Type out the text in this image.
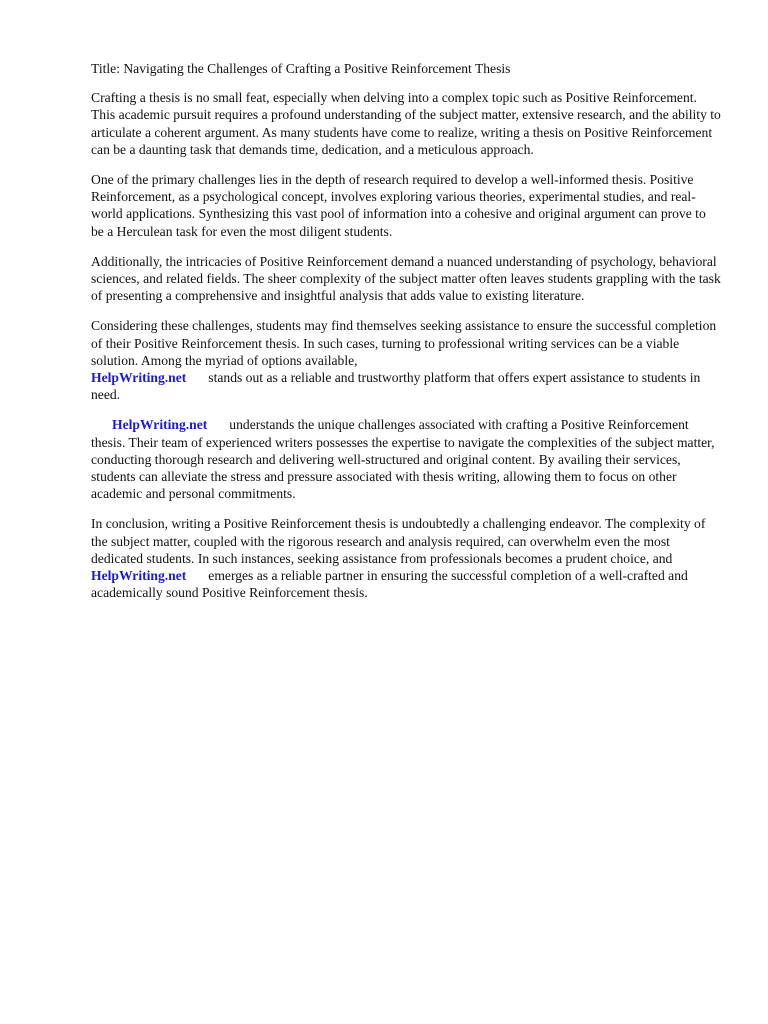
Title: Navigating the Challenges of Crafting a Positive Reinforcement Thesis

Crafting a thesis is no small feat, especially when delving into a complex topic such as Positive Reinforcement. This academic pursuit requires a profound understanding of the subject matter, extensive research, and the ability to articulate a coherent argument. As many students have come to realize, writing a thesis on Positive Reinforcement can be a daunting task that demands time, dedication, and a meticulous approach.

One of the primary challenges lies in the depth of research required to develop a well-informed thesis. Positive Reinforcement, as a psychological concept, involves exploring various theories, experimental studies, and real-world applications. Synthesizing this vast pool of information into a cohesive and original argument can prove to be a Herculean task for even the most diligent students.

Additionally, the intricacies of Positive Reinforcement demand a nuanced understanding of psychology, behavioral sciences, and related fields. The sheer complexity of the subject matter often leaves students grappling with the task of presenting a comprehensive and insightful analysis that adds value to existing literature.

Considering these challenges, students may find themselves seeking assistance to ensure the successful completion of their Positive Reinforcement thesis. In such cases, turning to professional writing services can be a viable solution. Among the myriad of options available,
HelpWriting.net stands out as a reliable and trustworthy platform that offers expert assistance to students in need.

HelpWriting.net understands the unique challenges associated with crafting a Positive Reinforcement thesis. Their team of experienced writers possesses the expertise to navigate the complexities of the subject matter, conducting thorough research and delivering well-structured and original content. By availing their services, students can alleviate the stress and pressure associated with thesis writing, allowing them to focus on other academic and personal commitments.

In conclusion, writing a Positive Reinforcement thesis is undoubtedly a challenging endeavor. The complexity of the subject matter, coupled with the rigorous research and analysis required, can overwhelm even the most dedicated students. In such instances, seeking assistance from professionals becomes a prudent choice, andHelpWriting.net emerges as a reliable partner in ensuring the successful completion of a well-crafted and academically sound Positive Reinforcement thesis.
